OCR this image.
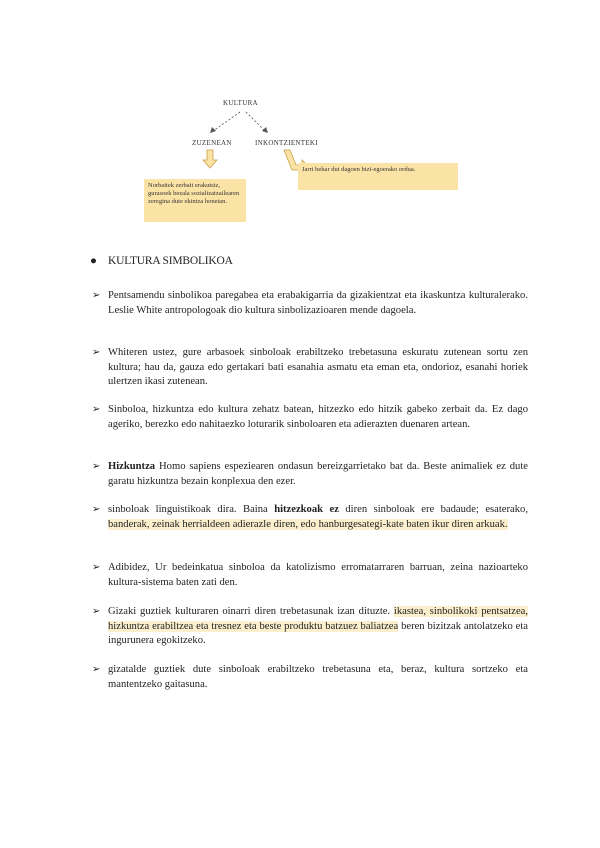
KULTURA
ZUZENEAN	INKONTZIENTEKI
Norbaitek zerbait erakutsiz, gurasoek bezala sozializatzailearen zeregina dute ekintza honetan.
Jarri behar dut dagoen bizi-egoerako ordua.
● KULTURA SIMBOLIKOA
➢ Pentsamendu sinbolikoa paregabea eta erabakigarria da gizakientzat eta ikaskuntza kulturalerako. Leslie White antropologoak dio kultura sinbolizazioaren mende dagoela.
➢ Whiteren ustez, gure arbasoek sinboloak erabiltzeko trebetasuna eskuratu zutenean sortu zen kultura; hau da, gauza edo gertakari bati esanahia asmatu eta eman eta, ondorioz, esanahi horiek ulertzen ikasi zutenean.
➢ Sinboloa, hizkuntza edo kultura zehatz batean, hitzezko edo hitzik gabeko zerbait da. Ez dago ageriko, berezko edo nahitaezko loturarik sinboloaren eta adierazten duenaren artean.
➢ Hizkuntza Homo sapiens espeziearen ondasun bereizgarrietako bat da. Beste animaliek ez dute garatu hizkuntza bezain konplexua den ezer.
➢ sinboloak linguistikoak dira. Baina hitzezkoak ez diren sinboloak ere badaude; esaterako, banderak, zeinak herrialdeen adierazle diren, edo hanburgesategi-kate baten ikur diren arkuak.
➢ Adibidez, Ur bedeinkatua sinboloa da katolizismo erromatarraren barruan, zeina nazioarteko kultura-sistema baten zati den.
➢ Gizaki guztiek kulturaren oinarri diren trebetasunak izan dituzte. ikastea, sinbolikoki pentsatzea, hizkuntza erabiltzea eta tresnez eta beste produktu batzuez baliatzea beren bizitzak antolatzeko eta ingurunera egokitzeko.
➢ gizatalde guztiek dute sinboloak erabiltzeko trebetasuna eta, beraz, kultura sortzeko eta mantentzeko gaitasuna.
